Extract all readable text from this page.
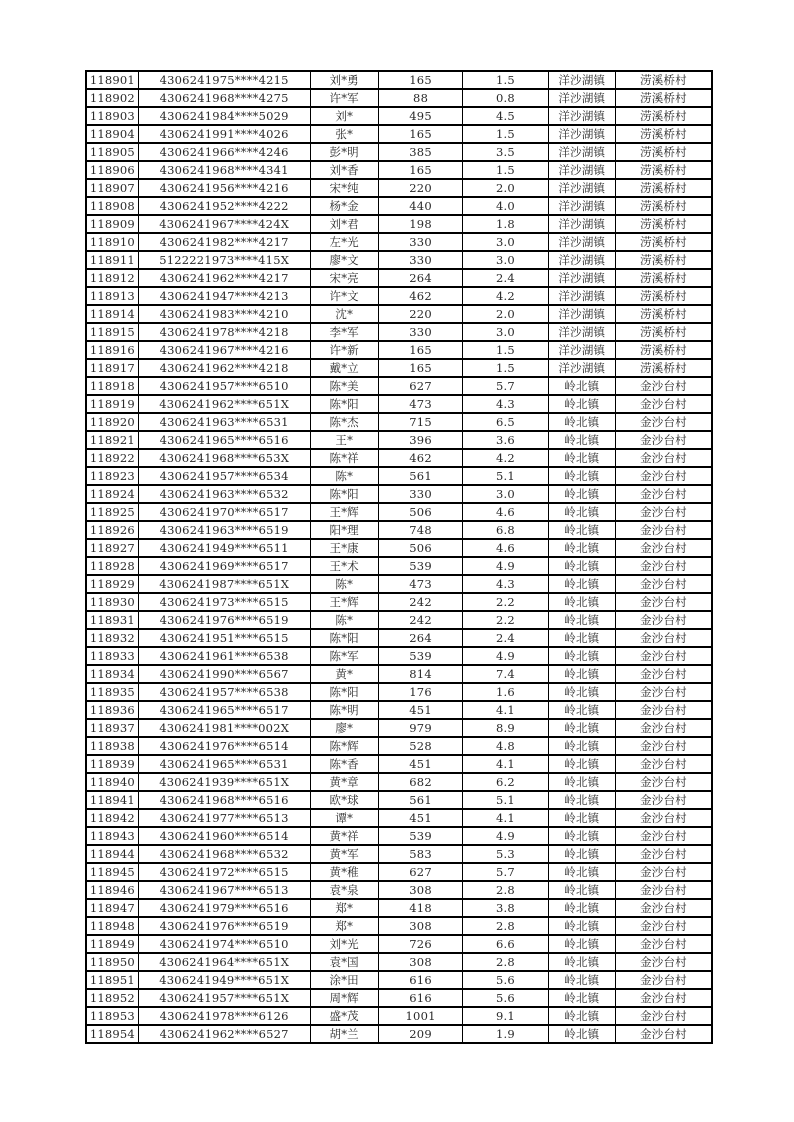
118901	4306241975****4215	刘*勇	165	1.5	洋沙湖镇	涝溪桥村
118902	4306241968****4275	许*军	88	0.8	洋沙湖镇	涝溪桥村
118903	4306241984****5029	刘*	495	4.5	洋沙湖镇	涝溪桥村
118904	4306241991****4026	张*	165	1.5	洋沙湖镇	涝溪桥村
118905	4306241966****4246	彭*明	385	3.5	洋沙湖镇	涝溪桥村
118906	4306241968****4341	刘*香	165	1.5	洋沙湖镇	涝溪桥村
118907	4306241956****4216	宋*纯	220	2.0	洋沙湖镇	涝溪桥村
118908	4306241952****4222	杨*金	440	4.0	洋沙湖镇	涝溪桥村
118909	4306241967****424X	刘*君	198	1.8	洋沙湖镇	涝溪桥村
118910	4306241982****4217	左*光	330	3.0	洋沙湖镇	涝溪桥村
118911	5122221973****415X	廖*文	330	3.0	洋沙湖镇	涝溪桥村
118912	4306241962****4217	宋*亮	264	2.4	洋沙湖镇	涝溪桥村
118913	4306241947****4213	许*文	462	4.2	洋沙湖镇	涝溪桥村
118914	4306241983****4210	沈*	220	2.0	洋沙湖镇	涝溪桥村
118915	4306241978****4218	李*军	330	3.0	洋沙湖镇	涝溪桥村
118916	4306241967****4216	许*新	165	1.5	洋沙湖镇	涝溪桥村
118917	4306241962****4218	戴*立	165	1.5	洋沙湖镇	涝溪桥村
118918	4306241957****6510	陈*美	627	5.7	岭北镇	金沙台村
118919	4306241962****651X	陈*阳	473	4.3	岭北镇	金沙台村
118920	4306241963****6531	陈*杰	715	6.5	岭北镇	金沙台村
118921	4306241965****6516	王*	396	3.6	岭北镇	金沙台村
118922	4306241968****653X	陈*祥	462	4.2	岭北镇	金沙台村
118923	4306241957****6534	陈*	561	5.1	岭北镇	金沙台村
118924	4306241963****6532	陈*阳	330	3.0	岭北镇	金沙台村
118925	4306241970****6517	王*辉	506	4.6	岭北镇	金沙台村
118926	4306241963****6519	阳*理	748	6.8	岭北镇	金沙台村
118927	4306241949****6511	王*康	506	4.6	岭北镇	金沙台村
118928	4306241969****6517	王*术	539	4.9	岭北镇	金沙台村
118929	4306241987****651X	陈*	473	4.3	岭北镇	金沙台村
118930	4306241973****6515	王*辉	242	2.2	岭北镇	金沙台村
118931	4306241976****6519	陈*	242	2.2	岭北镇	金沙台村
118932	4306241951****6515	陈*阳	264	2.4	岭北镇	金沙台村
118933	4306241961****6538	陈*军	539	4.9	岭北镇	金沙台村
118934	4306241990****6567	黄*	814	7.4	岭北镇	金沙台村
118935	4306241957****6538	陈*阳	176	1.6	岭北镇	金沙台村
118936	4306241965****6517	陈*明	451	4.1	岭北镇	金沙台村
118937	4306241981****002X	廖*	979	8.9	岭北镇	金沙台村
118938	4306241976****6514	陈*辉	528	4.8	岭北镇	金沙台村
118939	4306241965****6531	陈*香	451	4.1	岭北镇	金沙台村
118940	4306241939****651X	黄*章	682	6.2	岭北镇	金沙台村
118941	4306241968****6516	欧*球	561	5.1	岭北镇	金沙台村
118942	4306241977****6513	谭*	451	4.1	岭北镇	金沙台村
118943	4306241960****6514	黄*祥	539	4.9	岭北镇	金沙台村
118944	4306241968****6532	黄*军	583	5.3	岭北镇	金沙台村
118945	4306241972****6515	黄*稚	627	5.7	岭北镇	金沙台村
118946	4306241967****6513	袁*泉	308	2.8	岭北镇	金沙台村
118947	4306241979****6516	郑*	418	3.8	岭北镇	金沙台村
118948	4306241976****6519	郑*	308	2.8	岭北镇	金沙台村
118949	4306241974****6510	刘*光	726	6.6	岭北镇	金沙台村
118950	4306241964****651X	袁*国	308	2.8	岭北镇	金沙台村
118951	4306241949****651X	涂*田	616	5.6	岭北镇	金沙台村
118952	4306241957****651X	周*辉	616	5.6	岭北镇	金沙台村
118953	4306241978****6126	盛*茂	1001	9.1	岭北镇	金沙台村
118954	4306241962****6527	胡*兰	209	1.9	岭北镇	金沙台村
